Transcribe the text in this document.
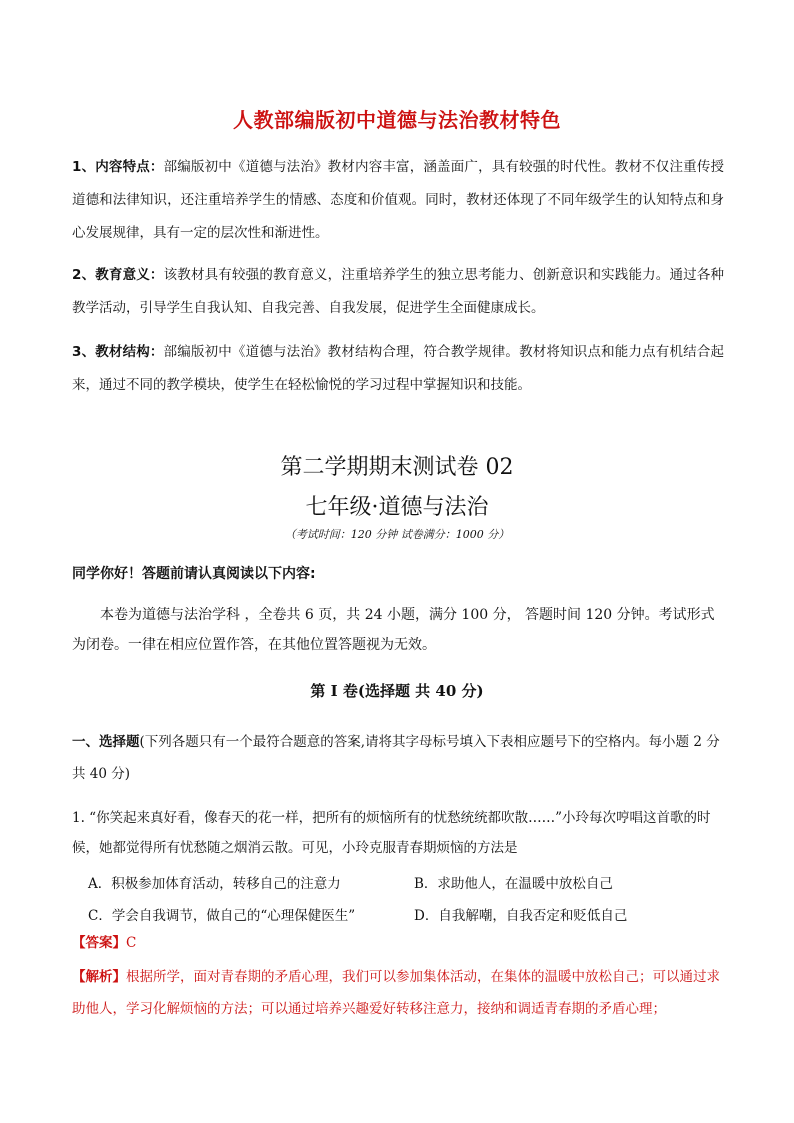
人教部编版初中道德与法治教材特色
1、内容特点：部编版初中《道德与法治》教材内容丰富，涵盖面广，具有较强的时代性。教材不仅注重传授道德和法律知识，还注重培养学生的情感、态度和价值观。同时，教材还体现了不同年级学生的认知特点和身心发展规律，具有一定的层次性和渐进性。
2、教育意义：该教材具有较强的教育意义，注重培养学生的独立思考能力、创新意识和实践能力。通过各种教学活动，引导学生自我认知、自我完善、自我发展，促进学生全面健康成长。
3、教材结构：部编版初中《道德与法治》教材结构合理，符合教学规律。教材将知识点和能力点有机结合起来，通过不同的教学模块，使学生在轻松愉悦的学习过程中掌握知识和技能。
第二学期期末测试卷 02
七年级·道德与法治
（考试时间：120 分钟 试卷满分：1000 分）
同学你好！答题前请认真阅读以下内容:
本卷为道德与法治学科 ，全卷共 6 页，共 24 小题，满分 100 分， 答题时间 120 分钟。考试形式为闭卷。一律在相应位置作答，在其他位置答题视为无效。
第 I 卷(选择题 共 40 分)
一、选择题(下列各题只有一个最符合题意的答案,请将其字母标号填入下表相应题号下的空格内。每小题 2 分共 40 分)
1. “你笑起来真好看，像春天的花一样，把所有的烦恼所有的忧愁统统都吹散……”小玲每次哼唱这首歌的时候，她都觉得所有忧愁随之烟消云散。可见，小玲克服青春期烦恼的方法是
A．积极参加体育活动，转移自己的注意力	B．求助他人，在温暖中放松自己
C．学会自我调节，做自己的“心理保健医生”	D．自我解嘲，自我否定和贬低自己
【答案】C
【解析】根据所学，面对青春期的矛盾心理，我们可以参加集体活动，在集体的温暖中放松自己；可以通过求助他人，学习化解烦恼的方法；可以通过培养兴趣爱好转移注意力，接纳和调适青春期的矛盾心理；
